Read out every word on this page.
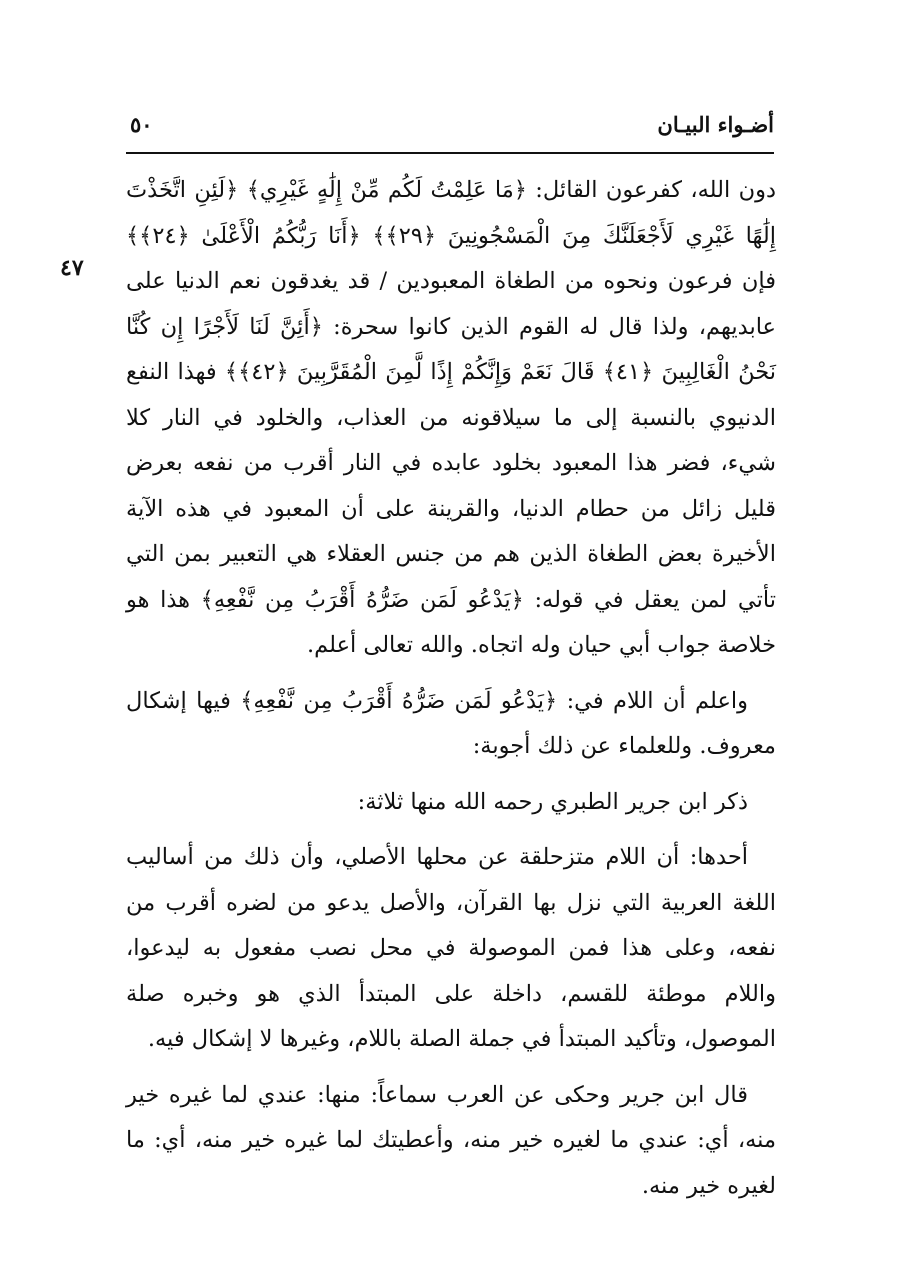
أضـواء البيـان
٥٠
٤٧

دون الله، كفرعون القائل: ﴿مَا عَلِمْتُ لَكُم مِّنْ إِلَٰهٍ غَيْرِي﴾ ﴿لَئِنِ اتَّخَذْتَ إِلَٰهًا غَيْرِي لَأَجْعَلَنَّكَ مِنَ الْمَسْجُونِينَ ﴿٢٩﴾﴾ ﴿أَنَا رَبُّكُمُ الْأَعْلَىٰ ﴿٢٤﴾﴾ فإن فرعون ونحوه من الطغاة المعبودين / قد يغدقون نعم الدنيا على عابديهم، ولذا قال له القوم الذين كانوا سحرة: ﴿أَئِنَّ لَنَا لَأَجْرًا إِن كُنَّا نَحْنُ الْغَالِبِينَ ﴿٤١﴾ قَالَ نَعَمْ وَإِنَّكُمْ إِذًا لَّمِنَ الْمُقَرَّبِينَ ﴿٤٢﴾﴾ فهذا النفع الدنيوي بالنسبة إلى ما سيلاقونه من العذاب، والخلود في النار كلا شيء، فضر هذا المعبود بخلود عابده في النار أقرب من نفعه بعرض قليل زائل من حطام الدنيا، والقرينة على أن المعبود في هذه الآية الأخيرة بعض الطغاة الذين هم من جنس العقلاء هي التعبير بمن التي تأتي لمن يعقل في قوله: ﴿يَدْعُو لَمَن ضَرُّهُ أَقْرَبُ مِن نَّفْعِهِ﴾ هذا هو خلاصة جواب أبي حيان وله اتجاه. والله تعالى أعلم.

واعلم أن اللام في: ﴿يَدْعُو لَمَن ضَرُّهُ أَقْرَبُ مِن نَّفْعِهِ﴾ فيها إشكال معروف. وللعلماء عن ذلك أجوبة:

ذكر ابن جرير الطبري رحمه الله منها ثلاثة:

أحدها: أن اللام متزحلقة عن محلها الأصلي، وأن ذلك من أساليب اللغة العربية التي نزل بها القرآن، والأصل يدعو من لضره أقرب من نفعه، وعلى هذا فمن الموصولة في محل نصب مفعول به ليدعوا، واللام موطئة للقسم، داخلة على المبتدأ الذي هو وخبره صلة الموصول، وتأكيد المبتدأ في جملة الصلة باللام، وغيرها لا إشكال فيه.

قال ابن جرير وحكى عن العرب سماعاً: منها: عندي لما غيره خير منه، أي: عندي ما لغيره خير منه، وأعطيتك لما غيره خير منه، أي: ما لغيره خير منه.
